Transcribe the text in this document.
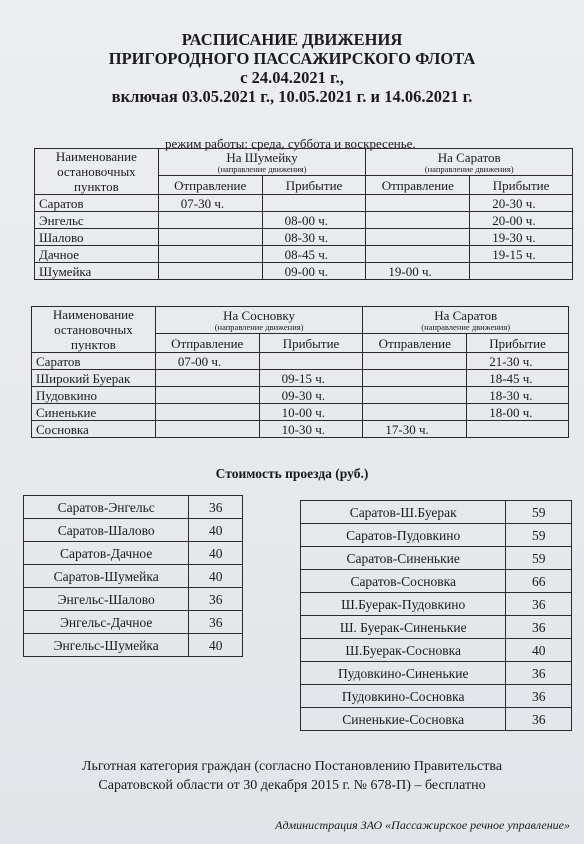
РАСПИСАНИЕ ДВИЖЕНИЯ
ПРИГОРОДНОГО ПАССАЖИРСКОГО ФЛОТА
с 24.04.2021 г.,
включая 03.05.2021 г., 10.05.2021 г. и 14.06.2021 г.
режим работы: среда, суббота и воскресенье.
Наименование
остановочных
пунктов	На Шумейку
(направление движения)		На Саратов
(направление движения)	

	Отправление	Прибытие	Отправление	Прибытие
Саратов	07-30 ч.			20-30 ч.
Энгельс		08-00 ч.		20-00 ч.
Шалово		08-30 ч.		19-30 ч.
Дачное		08-45 ч.		19-15 ч.
Шумейка		09-00 ч.	19-00 ч.	
Наименование
остановочных
пунктов	На Сосновку
(направление движения)		На Саратов
(направление движения)	

	Отправление	Прибытие	Отправление	Прибытие
Саратов	07-00 ч.			21-30 ч.
Широкий Буерак		09-15 ч.		18-45 ч.
Пудовкино		09-30 ч.		18-30 ч.
Синенькие		10-00 ч.		18-00 ч.
Сосновка		10-30 ч.	17-30 ч.	
Стоимость проезда (руб.)
Саратов-Энгельс	36
Саратов-Шалово	40
Саратов-Дачное	40
Саратов-Шумейка	40
Энгельс-Шалово	36
Энгельс-Дачное	36
Энгельс-Шумейка	40
Саратов-Ш.Буерак	59
Саратов-Пудовкино	59
Саратов-Синенькие	59
Саратов-Сосновка	66
Ш.Буерак-Пудовкино	36
Ш. Буерак-Синенькие	36
Ш.Буерак-Сосновка	40
Пудовкино-Синенькие	36
Пудовкино-Сосновка	36
Синенькие-Сосновка	36
Льготная категория граждан (согласно Постановлению Правительства
Саратовской области от 30 декабря 2015 г. № 678-П) – бесплатно
Администрация ЗАО «Пассажирское речное управление»
